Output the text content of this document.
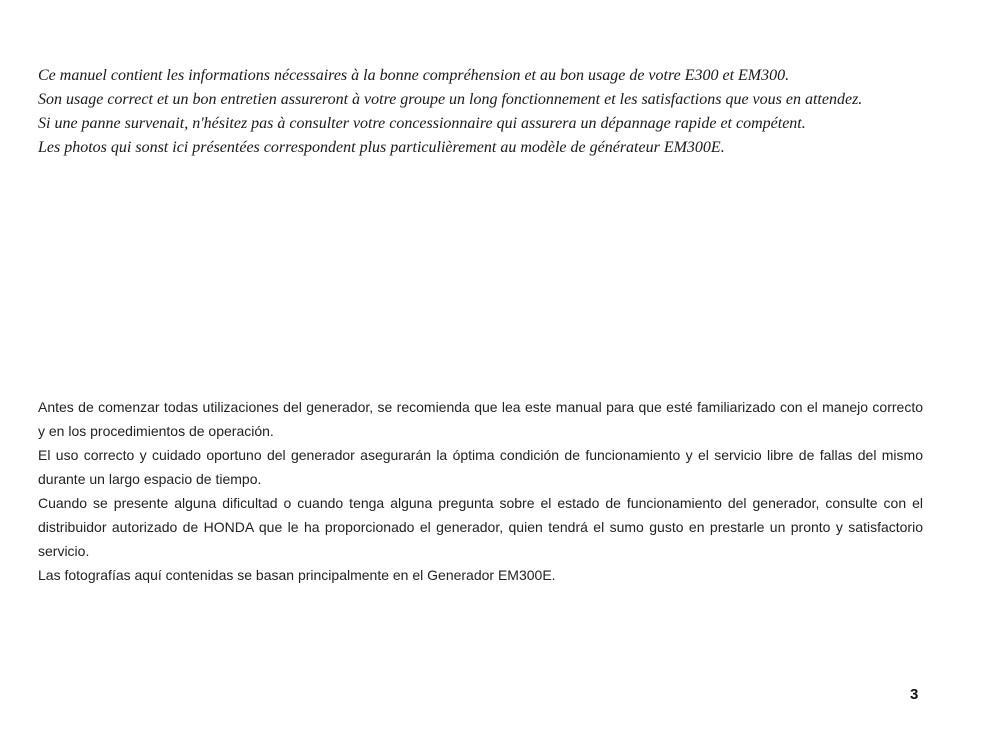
Ce manuel contient les informations nécessaires à la bonne compréhension et au bon usage de votre E300 et EM300.

Son usage correct et un bon entretien assureront à votre groupe un long fonctionnement et les satisfactions que vous en attendez.

Si une panne survenait, n'hésitez pas à consulter votre concessionnaire qui assurera un dépannage rapide et compétent.

Les photos qui sonst ici présentées correspondent plus particulièrement au modèle de générateur EM300E.

Antes de comenzar todas utilizaciones del generador, se recomienda que lea este manual para que esté familiarizado con el manejo correcto y en los procedimientos de operación.

El uso correcto y cuidado oportuno del generador asegurarán la óptima condición de funcionamiento y el servicio libre de fallas del mismo durante un largo espacio de tiempo.

Cuando se presente alguna dificultad o cuando tenga alguna pregunta sobre el estado de funcionamiento del generador, consulte con el distribuidor autorizado de HONDA que le ha proporcionado el generador, quien tendrá el sumo gusto en prestarle un pronto y satisfactorio servicio.

Las fotografías aquí contenidas se basan principalmente en el Generador EM300E.

3
